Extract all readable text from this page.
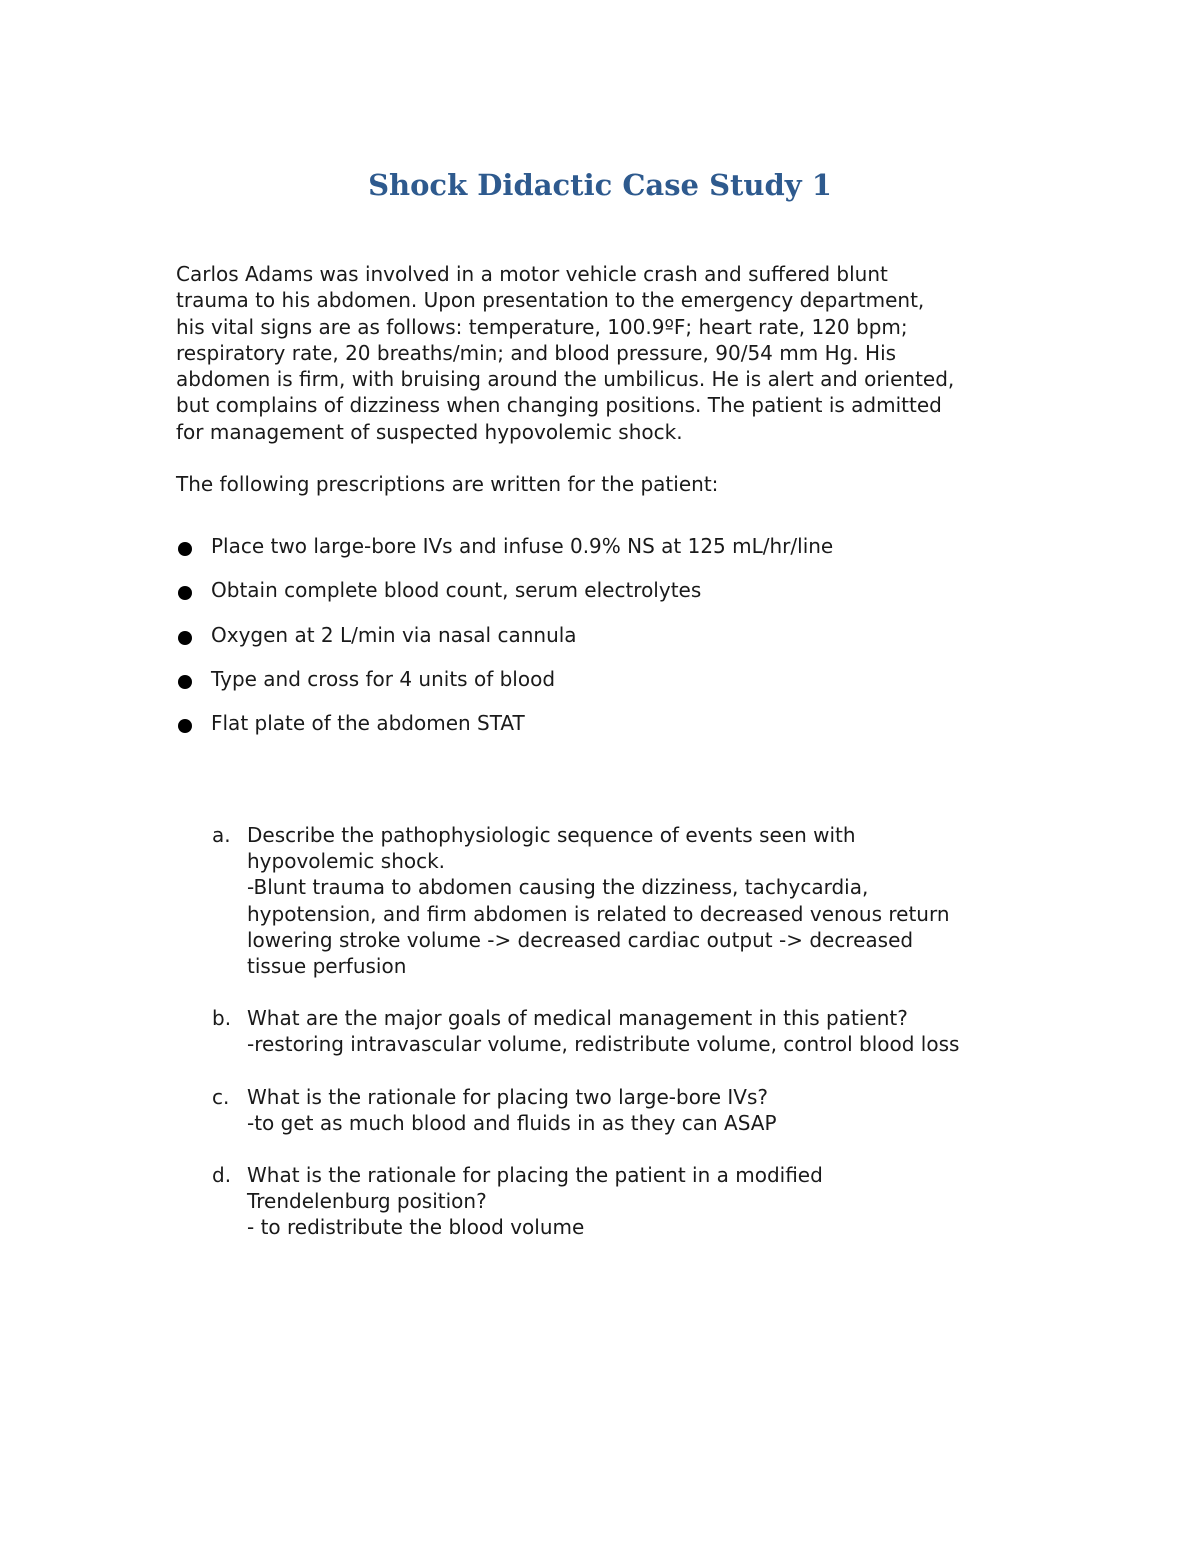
Shock Didactic Case Study 1

Carlos Adams was involved in a motor vehicle crash and suffered blunt
trauma to his abdomen. Upon presentation to the emergency department,
his vital signs are as follows: temperature, 100.9ºF; heart rate, 120 bpm;
respiratory rate, 20 breaths/min; and blood pressure, 90/54 mm Hg. His
abdomen is firm, with bruising around the umbilicus. He is alert and oriented,
but complains of dizziness when changing positions. The patient is admitted
for management of suspected hypovolemic shock.

The following prescriptions are written for the patient:

Place two large-bore IVs and infuse 0.9% NS at 125 mL/hr/line
Obtain complete blood count, serum electrolytes
Oxygen at 2 L/min via nasal cannula
Type and cross for 4 units of blood
Flat plate of the abdomen STAT
a. Describe the pathophysiologic sequence of events seen with
hypovolemic shock.
-Blunt trauma to abdomen causing the dizziness, tachycardia,
hypotension, and firm abdomen is related to decreased venous return
lowering stroke volume -> decreased cardiac output -> decreased
tissue perfusion
b. What are the major goals of medical management in this patient?
-restoring intravascular volume, redistribute volume, control blood loss
c. What is the rationale for placing two large-bore IVs?
-to get as much blood and fluids in as they can ASAP
d. What is the rationale for placing the patient in a modified
Trendelenburg position?
- to redistribute the blood volume
